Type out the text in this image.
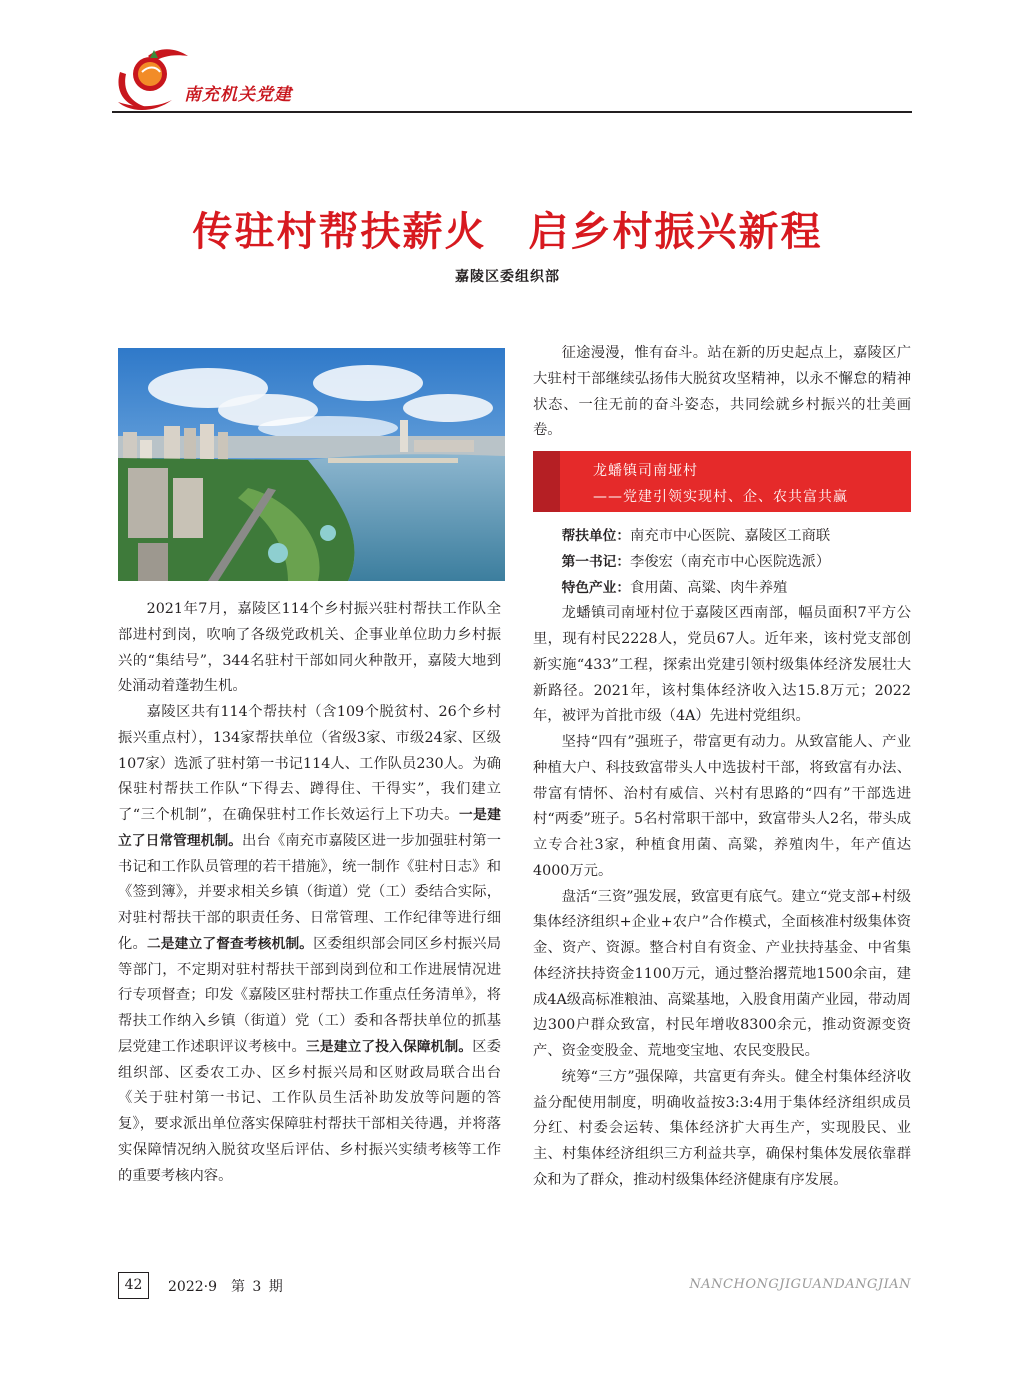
南充机关党建
传驻村帮扶薪火　启乡村振兴新程
嘉陵区委组织部

2021年7月，嘉陵区114个乡村振兴驻村帮扶工作队全部进村到岗，吹响了各级党政机关、企事业单位助力乡村振兴的“集结号”，344名驻村干部如同火种散开，嘉陵大地到处涌动着蓬勃生机。

嘉陵区共有114个帮扶村（含109个脱贫村、26个乡村振兴重点村），134家帮扶单位（省级3家、市级24家、区级107家）选派了驻村第一书记114人、工作队员230人。为确保驻村帮扶工作队“下得去、蹲得住、干得实”，我们建立了“三个机制”，在确保驻村工作长效运行上下功夫。一是建立了日常管理机制。出台《南充市嘉陵区进一步加强驻村第一书记和工作队员管理的若干措施》，统一制作《驻村日志》和《签到簿》，并要求相关乡镇（街道）党（工）委结合实际，对驻村帮扶干部的职责任务、日常管理、工作纪律等进行细化。二是建立了督查考核机制。区委组织部会同区乡村振兴局等部门，不定期对驻村帮扶干部到岗到位和工作进展情况进行专项督查；印发《嘉陵区驻村帮扶工作重点任务清单》，将帮扶工作纳入乡镇（街道）党（工）委和各帮扶单位的抓基层党建工作述职评议考核中。三是建立了投入保障机制。区委组织部、区委农工办、区乡村振兴局和区财政局联合出台《关于驻村第一书记、工作队员生活补助发放等问题的答复》，要求派出单位落实保障驻村帮扶干部相关待遇，并将落实保障情况纳入脱贫攻坚后评估、乡村振兴实绩考核等工作的重要考核内容。

征途漫漫，惟有奋斗。站在新的历史起点上，嘉陵区广大驻村干部继续弘扬伟大脱贫攻坚精神，以永不懈怠的精神状态、一往无前的奋斗姿态，共同绘就乡村振兴的壮美画卷。

龙蟠镇司南垭村
——党建引领实现村、企、农共富共赢
帮扶单位：南充市中心医院、嘉陵区工商联
第一书记：李俊宏（南充市中心医院选派）
特色产业：食用菌、高粱、肉牛养殖

龙蟠镇司南垭村位于嘉陵区西南部，幅员面积7平方公里，现有村民2228人，党员67人。近年来，该村党支部创新实施“433”工程，探索出党建引领村级集体经济发展壮大新路径。2021年，该村集体经济收入达15.8万元；2022年，被评为首批市级（4A）先进村党组织。

坚持“四有”强班子，带富更有动力。从致富能人、产业种植大户、科技致富带头人中选拔村干部，将致富有办法、带富有情怀、治村有威信、兴村有思路的“四有”干部选进村“两委”班子。5名村常职干部中，致富带头人2名，带头成立专合社3家，种植食用菌、高粱，养殖肉牛，年产值达4000万元。

盘活“三资”强发展，致富更有底气。建立“党支部+村级集体经济组织+企业+农户”合作模式，全面核准村级集体资金、资产、资源。整合村自有资金、产业扶持基金、中省集体经济扶持资金1100万元，通过整治撂荒地1500余亩，建成4A级高标准粮油、高粱基地，入股食用菌产业园，带动周边300户群众致富，村民年增收8300余元，推动资源变资产、资金变股金、荒地变宝地、农民变股民。

统筹“三方”强保障，共富更有奔头。健全村集体经济收益分配使用制度，明确收益按3:3:4用于集体经济组织成员分红、村委会运转、集体经济扩大再生产，实现股民、业主、村集体经济组织三方利益共享，确保村集体发展依靠群众和为了群众，推动村级集体经济健康有序发展。

42	2022·9　第 3 期	NANCHONGJIGUANDANGJIAN
